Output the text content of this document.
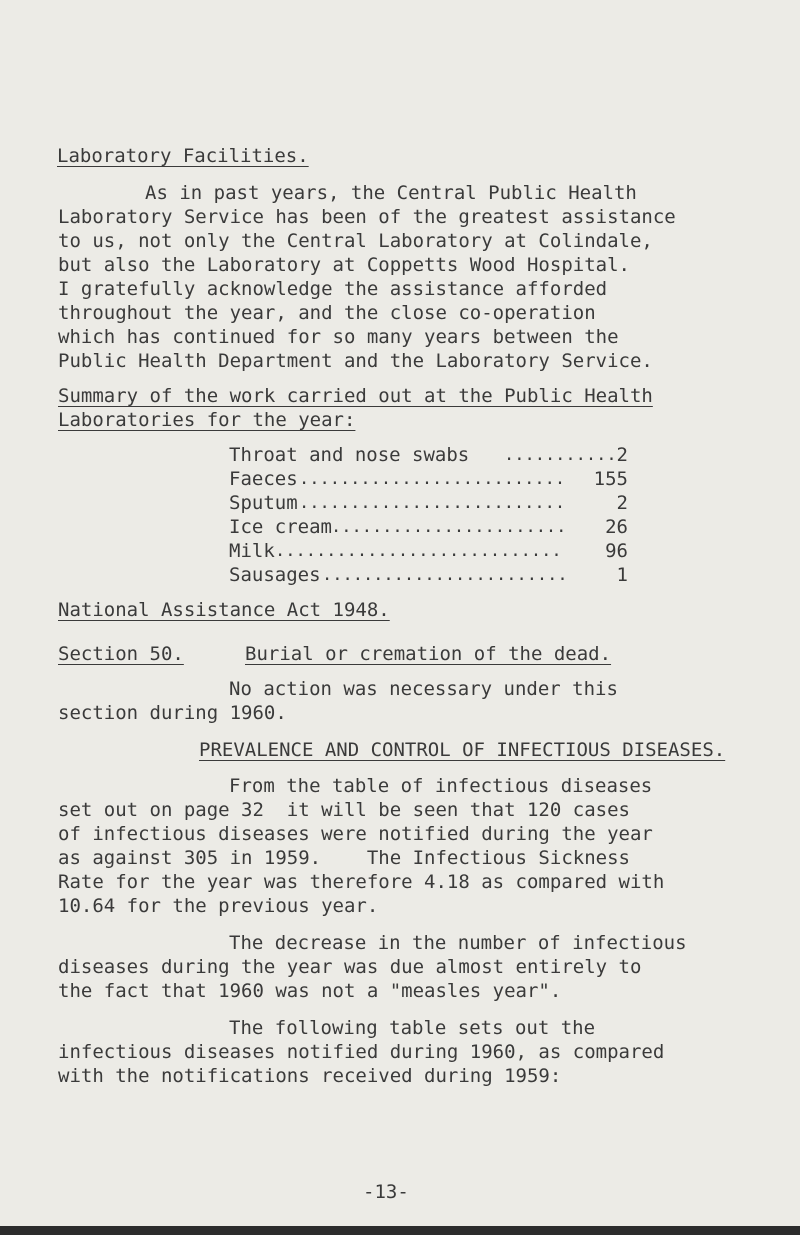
Laboratory Facilities.
As in past years, the Central Public Health
Laboratory Service has been of the greatest assistance
to us, not only the Central Laboratory at Colindale,
but also the Laboratory at Coppetts Wood Hospital.
I gratefully acknowledge the assistance afforded
throughout the year, and the close co-operation
which has continued for so many years between the
Public Health Department and the Laboratory Service.
Summary of the work carried out at the Public Health
Laboratories for the year:
Throat and nose swabs ........... 2
Faeces ..........................	155
Sputum ..........................	2
Ice cream .......................	26
Milk ............................	96
Sausages ........................	1
National Assistance Act 1948.
Section 50.	Burial or cremation of the dead.
No action was necessary under this
section during 1960.
PREVALENCE AND CONTROL OF INFECTIOUS DISEASES.
From the table of infectious diseases
set out on page 32  it will be seen that 120 cases
of infectious diseases were notified during the year
as against 305 in 1959.    The Infectious Sickness
Rate for the year was therefore 4.18 as compared with
10.64 for the previous year.
The decrease in the number of infectious
diseases during the year was due almost entirely to
the fact that 1960 was not a "measles year".
The following table sets out the
infectious diseases notified during 1960, as compared
with the notifications received during 1959:
-13-
